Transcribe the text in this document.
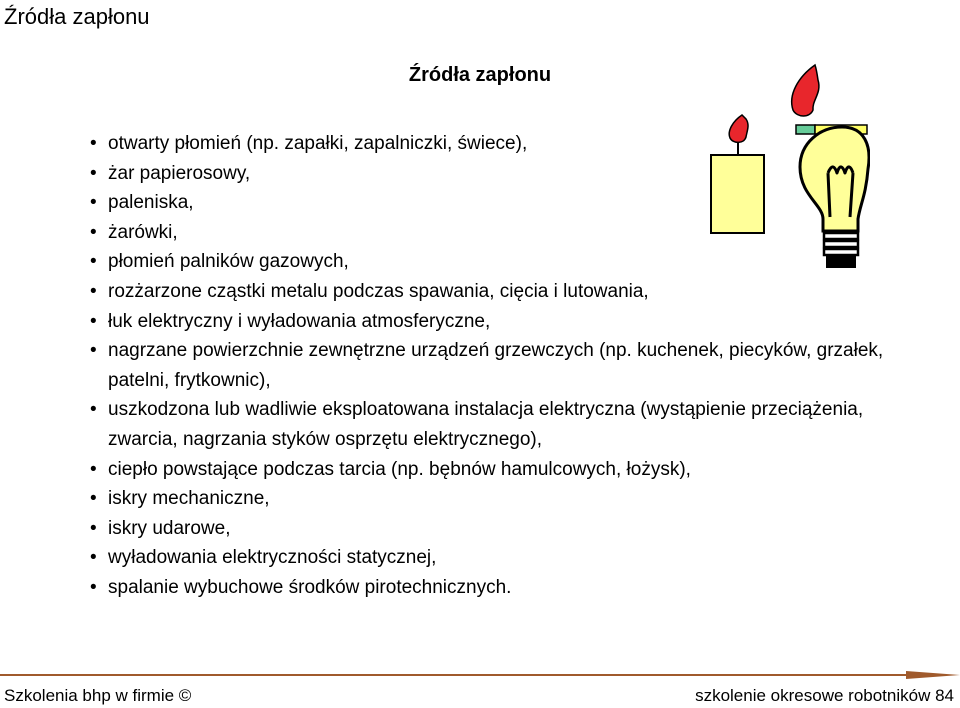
Źródła zapłonu
Źródła zapłonu
• otwarty płomień (np. zapałki, zapalniczki, świece),
• żar papierosowy,
• paleniska,
• żarówki,
• płomień palników gazowych,
• rozżarzone cząstki metalu podczas spawania, cięcia i lutowania,
• łuk elektryczny i wyładowania atmosferyczne,
• nagrzane powierzchnie zewnętrzne urządzeń grzewczych (np. kuchenek, piecyków, grzałek, patelni, frytkownic),
• uszkodzona lub wadliwie eksploatowana instalacja elektryczna (wystąpienie przeciążenia, zwarcia, nagrzania styków osprzętu elektrycznego),
• ciepło powstające podczas tarcia (np. bębnów hamulcowych, łożysk),
• iskry mechaniczne,
• iskry udarowe,
• wyładowania elektryczności statycznej,
• spalanie wybuchowe środków pirotechnicznych.
Szkolenia bhp w firmie ©	szkolenie okresowe robotników 84
